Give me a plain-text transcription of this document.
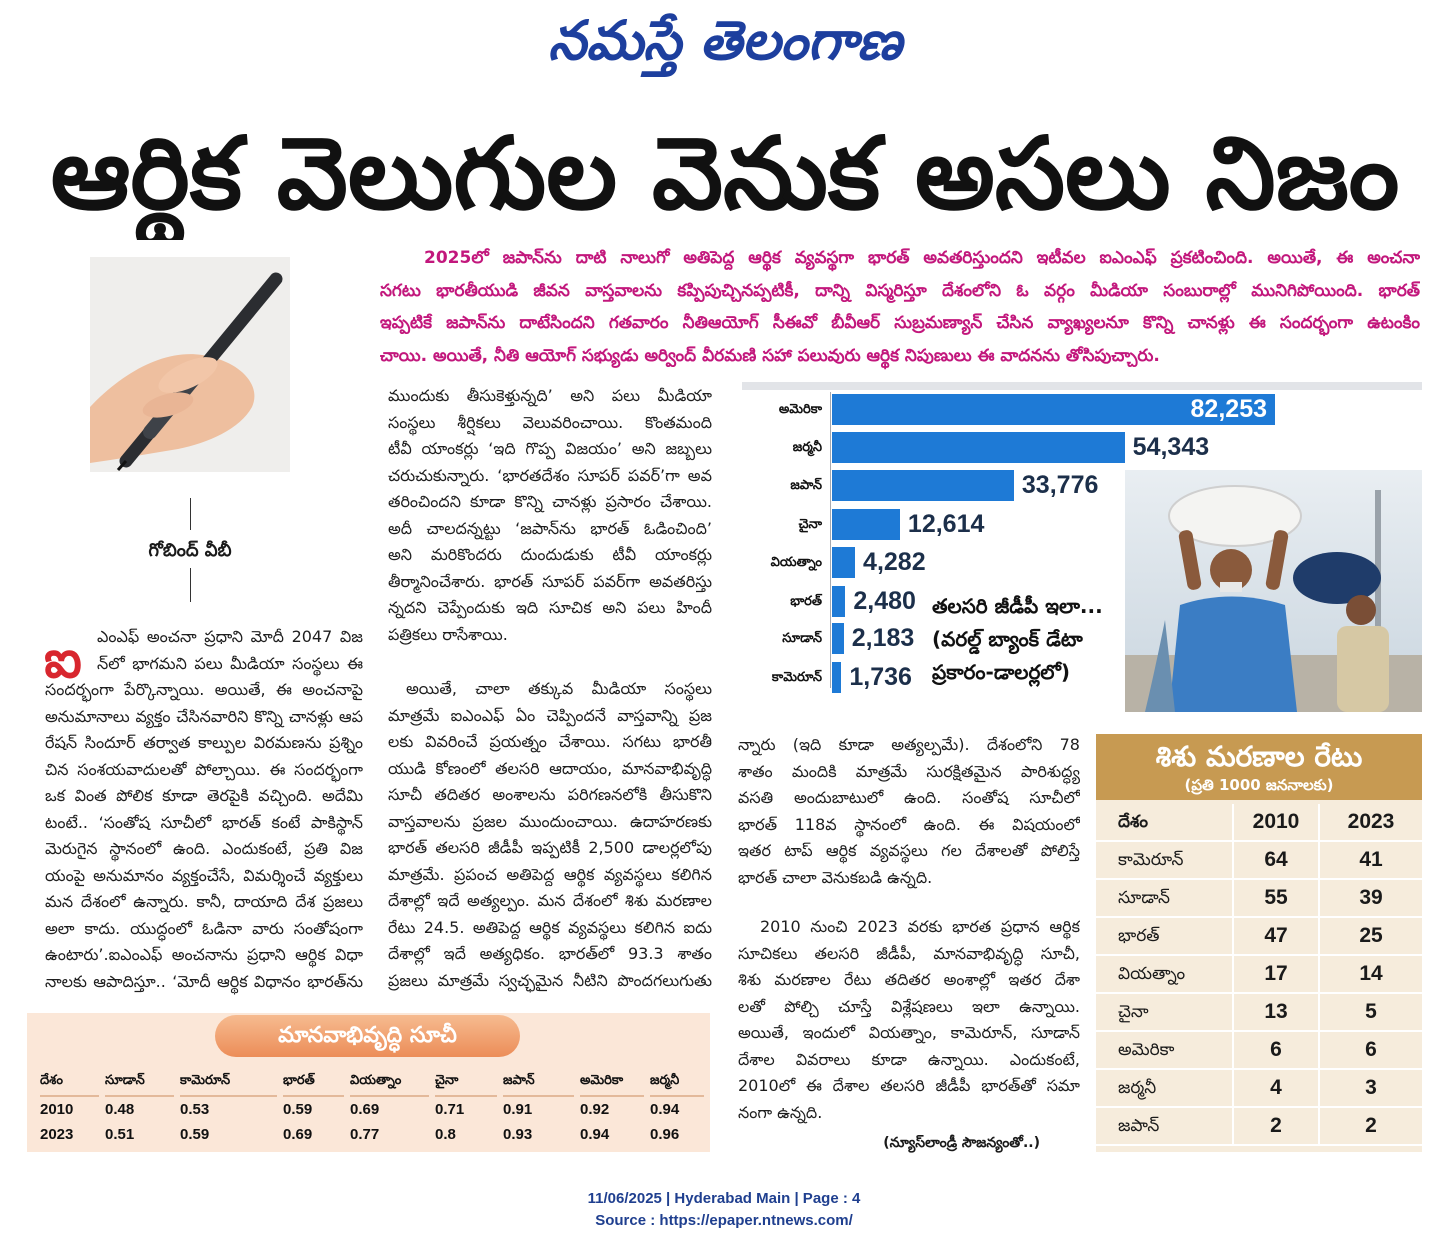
నమస్తే తెలంగాణ
ఆర్థిక వెలుగుల వెనుక అసలు నిజం
2025లో జపాన్‌ను దాటి నాలుగో అతిపెద్ద ఆర్థిక వ్యవస్థగా భారత్ అవతరిస్తుందని ఇటీవల ఐఎంఎఫ్ ప్రకటించింది. అయితే, ఈ అంచనా
సగటు భారతీయుడి జీవన వాస్తవాలను కప్పిపుచ్చినప్పటికీ, దాన్ని విస్మరిస్తూ దేశంలోని ఓ వర్గం మీడియా సంబురాల్లో మునిగిపోయింది. భారత్
ఇప్పటికే జపాన్‌ను దాటేసిందని గతవారం నీతిఆయోగ్ సీఈవో బీవీఆర్ సుబ్రమణ్యాన్ చేసిన వ్యాఖ్యలనూ కొన్ని చానళ్లు ఈ సందర్భంగా ఉటంకిం
చాయి. అయితే, నీతి ఆయోగ్ సభ్యుడు అర్వింద్ వీరమణి సహా పలువురు ఆర్థిక నిపుణులు ఈ వాదనను తోసిపుచ్చారు.
గోబింద్ వీబీ
ఐ ఎంఎఫ్ అంచనా ప్రధాని మోదీ 2047 విజ
న్‌లో భాగమని పలు మీడియా సంస్థలు ఈ
సందర్భంగా పేర్కొన్నాయి. అయితే, ఈ అంచనాపై
అనుమానాలు వ్యక్తం చేసినవారిని కొన్ని చానళ్లు ఆప
రేషన్ సిందూర్ తర్వాత కాల్పుల విరమణను ప్రశ్నిం
చిన సంశయవాదులతో పోల్చాయి. ఈ సందర్భంగా
ఒక వింత పోలిక కూడా తెరపైకి వచ్చింది. అదేమి
టంటే.. ‘సంతోష సూచీలో భారత్ కంటే పాకిస్థాన్
మెరుగైన స్థానంలో ఉంది. ఎందుకంటే, ప్రతి విజ
యంపై అనుమానం వ్యక్తంచేసే, విమర్శించే వ్యక్తులు
మన దేశంలో ఉన్నారు. కానీ, దాయాది దేశ ప్రజలు
అలా కాదు. యుద్ధంలో ఓడినా వారు సంతోషంగా
ఉంటారు’.ఐఎంఎఫ్ అంచనాను ప్రధాని ఆర్థిక విధా
నాలకు ఆపాదిస్తూ.. ‘మోదీ ఆర్థిక విధానం భారత్‌ను
ముందుకు తీసుకెళ్తున్నది’ అని పలు మీడియా
సంస్థలు శీర్షికలు వెలువరించాయి. కొంతమంది
టీవీ యాంకర్లు ‘ఇది గొప్ప విజయం’ అని జబ్బలు
చరుచుకున్నారు. ‘భారతదేశం సూపర్ పవర్’గా అవ
తరించిందని కూడా కొన్ని చానళ్లు ప్రసారం చేశాయి.
అదీ చాలదన్నట్టు ‘జపాన్‌ను భారత్ ఓడించింది’
అని మరికొందరు దుందుడుకు టీవీ యాంకర్లు
తీర్మానించేశారు. భారత్ సూపర్ పవర్‌గా అవతరిస్తు
న్నదని చెప్పేందుకు ఇది సూచిక అని పలు హిందీ
పత్రికలు రాసేశాయి.
అయితే, చాలా తక్కువ మీడియా సంస్థలు
మాత్రమే ఐఎంఎఫ్ ఏం చెప్పిందనే వాస్తవాన్ని ప్రజ
లకు వివరించే ప్రయత్నం చేశాయి. సగటు భారతీ
యుడి కోణంలో తలసరి ఆదాయం, మానవాభివృద్ధి
సూచీ తదితర అంశాలను పరిగణనలోకి తీసుకొని
వాస్తవాలను ప్రజల ముందుంచాయి. ఉదాహరణకు
భారత్ తలసరి జీడీపీ ఇప్పటికీ 2,500 డాలర్లలోపు
మాత్రమే. ప్రపంచ అతిపెద్ద ఆర్థిక వ్యవస్థలు కలిగిన
దేశాల్లో ఇదే అత్యల్పం. మన దేశంలో శిశు మరణాల
రేటు 24.5. అతిపెద్ద ఆర్థిక వ్యవస్థలు కలిగిన ఐదు
దేశాల్లో ఇదే అత్యధికం. భారత్‌లో 93.3 శాతం
ప్రజలు మాత్రమే స్వచ్ఛమైన నీటిని పొందగలుగుతు
న్నారు (ఇది కూడా అత్యల్పమే). దేశంలోని 78
శాతం మందికి మాత్రమే సురక్షితమైన పారిశుద్ధ్య
వసతి అందుబాటులో ఉంది. సంతోష సూచీలో
భారత్ 118వ స్థానంలో ఉంది. ఈ విషయంలో
ఇతర టాప్ ఆర్థిక వ్యవస్థలు గల దేశాలతో పోలిస్తే
భారత్ చాలా వెనుకబడి ఉన్నది.
2010 నుంచి 2023 వరకు భారత ప్రధాన ఆర్థిక
సూచికలు తలసరి జీడీపీ, మానవాభివృద్ధి సూచీ,
శిశు మరణాల రేటు తదితర అంశాల్లో ఇతర దేశా
లతో పోల్చి చూస్తే విశ్లేషణలు ఇలా ఉన్నాయి.
అయితే, ఇందులో వియత్నాం, కామెరూన్, సూడాన్
దేశాల వివరాలు కూడా ఉన్నాయి. ఎందుకంటే,
2010లో ఈ దేశాల తలసరి జీడీపీ భారత్‌తో సమా
నంగా ఉన్నది.
(న్యూస్‌లాండ్రీ సౌజన్యంతో..)
అమెరికా	82,253
జర్మనీ	54,343
జపాన్	33,776
చైనా	12,614
వియత్నాం 4,282
భారత్ 2,480
సూడాన్ 2,183
కామెరూన్ 1,736
తలసరి జీడీపీ ఇలా...
(వరల్డ్ బ్యాంక్ డేటా
ప్రకారం-డాలర్లలో)
శిశు మరణాల రేటు
(ప్రతి 1000 జననాలకు)
దేశం	2010	2023
కామెరూన్	64	41
సూడాన్	55	39
భారత్	47	25
వియత్నాం	17	14
చైనా	13	5
అమెరికా	6	6
జర్మనీ	4	3
జపాన్	2	2
మానవాభివృద్ధి సూచీ
దేశం	సూడాన్	కామెరూన్	భారత్	వియత్నాం	చైనా	జపాన్	అమెరికా	జర్మనీ
2010	0.48	0.53	0.59	0.69	0.71	0.91	0.92	0.94
2023	0.51	0.59	0.69	0.77	0.8	0.93	0.94	0.96
11/06/2025 | Hyderabad Main | Page : 4
Source : https://epaper.ntnews.com/
